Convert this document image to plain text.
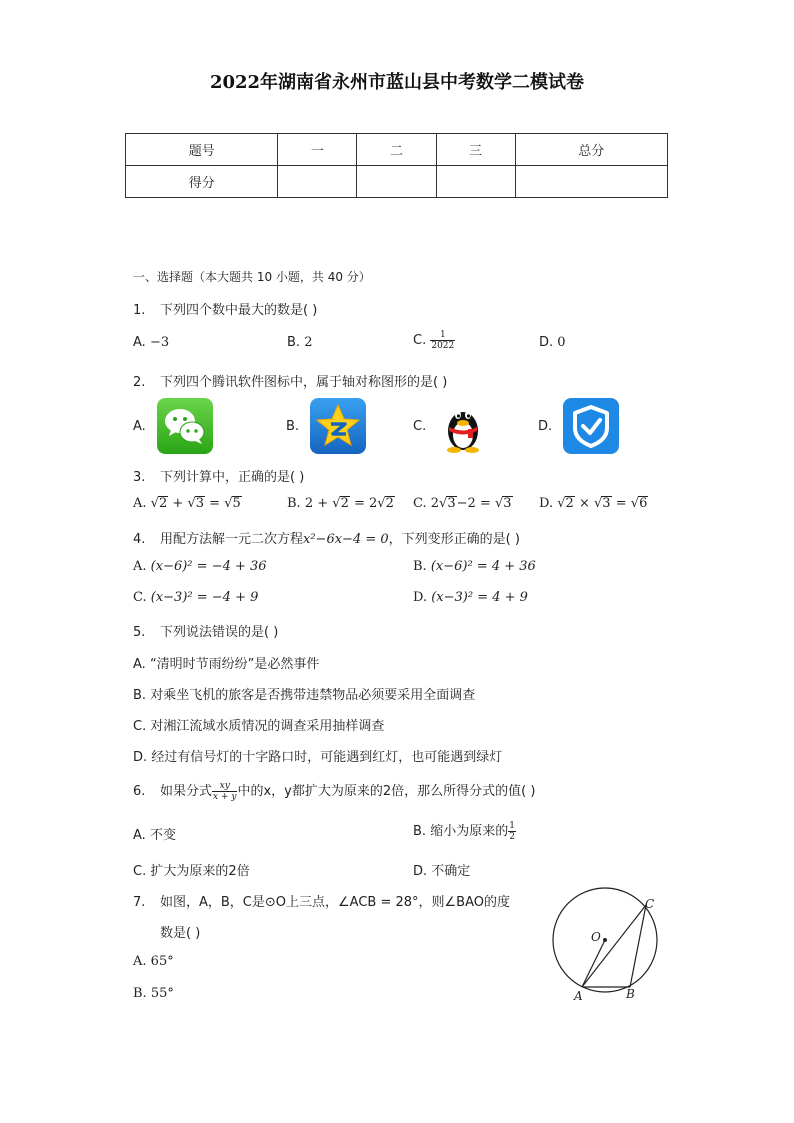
2022年湖南省永州市蓝山县中考数学二模试卷
题号	一	二	三	总分
得分				
一、选择题（本大题共 10 小题，共 40 分）
1. 下列四个数中最大的数是( )
A. −3	B. 2	C. $\frac{1}{2022}$	D. 0
2. 下列四个腾讯软件图标中，属于轴对称图形的是( )
A.	B.	C.	D.
3. 下列计算中，正确的是( )
A. √2 + √3 = √5	B. 2 + √2 = 2√2 C. 2√3−2 = √3 D. √2 × √3 = √6
4. 用配方法解一元二次方程x²−6x−4 = 0，下列变形正确的是( )
A. (x−6)² = −4 + 36	B. (x−6)² = 4 + 36
C. (x−3)² = −4 + 9	D. (x−3)² = 4 + 9
5. 下列说法错误的是( )
A. “清明时节雨纷纷”是必然事件
B. 对乘坐飞机的旅客是否携带违禁物品必须要采用全面调查
C. 对湘江流域水质情况的调查采用抽样调查
D. 经过有信号灯的十字路口时，可能遇到红灯，也可能遇到绿灯
6. 如果分式 $\frac{xy}{x + y}$ 中的x，y都扩大为原来的2倍，那么所得分式的值( )
A. 不变	B. 缩小为原来的 $\frac{1}{2}$
C. 扩大为原来的2倍	D. 不确定
7. 如图，A，B，C是⊙O上三点，∠ACB = 28°，则∠BAO的度
数是( )
A. 65°
B. 55°
O
A	B
C
